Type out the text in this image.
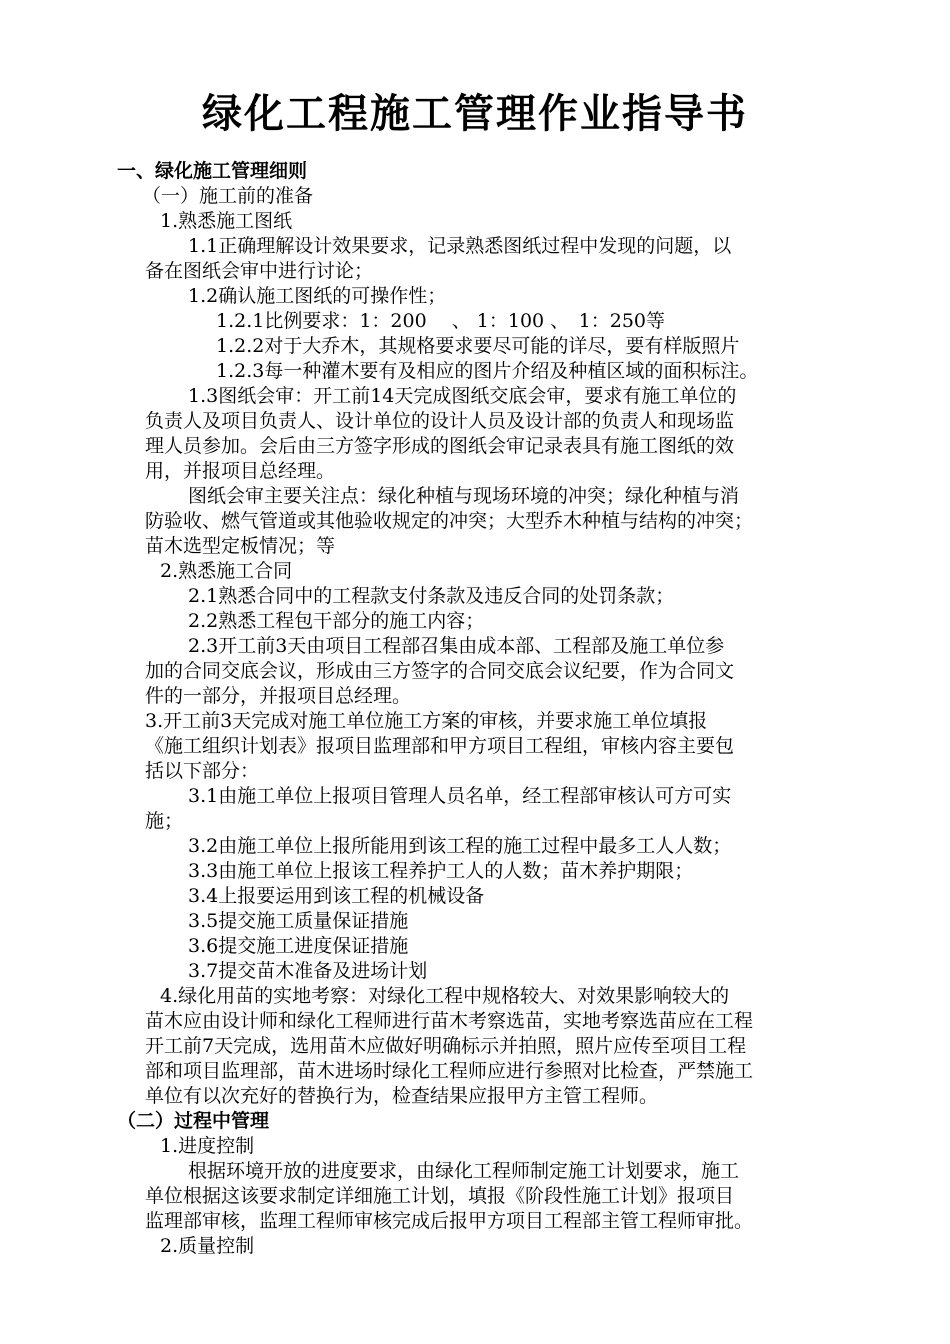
绿化工程施工管理作业指导书
一、绿化施工管理细则
（一）施工前的准备
1.熟悉施工图纸
1.1正确理解设计效果要求，记录熟悉图纸过程中发现的问题，以
备在图纸会审中进行讨论；
1.2确认施工图纸的可操作性；
1.2.1比例要求：1：200　 、 1：100 、　1：250等
1.2.2对于大乔木，其规格要求要尽可能的详尽，要有样版照片
1.2.3每一种灌木要有及相应的图片介绍及种植区域的面积标注。
1.3图纸会审：开工前14天完成图纸交底会审，要求有施工单位的
负责人及项目负责人、设计单位的设计人员及设计部的负责人和现场监
理人员参加。会后由三方签字形成的图纸会审记录表具有施工图纸的效
用，并报项目总经理。
图纸会审主要关注点：绿化种植与现场环境的冲突；绿化种植与消
防验收、燃气管道或其他验收规定的冲突；大型乔木种植与结构的冲突；
苗木选型定板情况；等
2.熟悉施工合同
2.1熟悉合同中的工程款支付条款及违反合同的处罚条款；
2.2熟悉工程包干部分的施工内容；
2.3开工前3天由项目工程部召集由成本部、工程部及施工单位参
加的合同交底会议，形成由三方签字的合同交底会议纪要，作为合同文
件的一部分，并报项目总经理。
3.开工前3天完成对施工单位施工方案的审核，并要求施工单位填报
《施工组织计划表》报项目监理部和甲方项目工程组，审核内容主要包
括以下部分：
3.1由施工单位上报项目管理人员名单，经工程部审核认可方可实
施；
3.2由施工单位上报所能用到该工程的施工过程中最多工人人数；
3.3由施工单位上报该工程养护工人的人数；苗木养护期限；
3.4上报要运用到该工程的机械设备
3.5提交施工质量保证措施
3.6提交施工进度保证措施
3.7提交苗木准备及进场计划
4.绿化用苗的实地考察：对绿化工程中规格较大、对效果影响较大的
苗木应由设计师和绿化工程师进行苗木考察选苗，实地考察选苗应在工程
开工前7天完成，选用苗木应做好明确标示并拍照，照片应传至项目工程
部和项目监理部，苗木进场时绿化工程师应进行参照对比检查，严禁施工
单位有以次充好的替换行为，检查结果应报甲方主管工程师。
（二）过程中管理
1.进度控制
根据环境开放的进度要求，由绿化工程师制定施工计划要求，施工
单位根据这该要求制定详细施工计划，填报《阶段性施工计划》报项目
监理部审核，监理工程师审核完成后报甲方项目工程部主管工程师审批。
2.质量控制
